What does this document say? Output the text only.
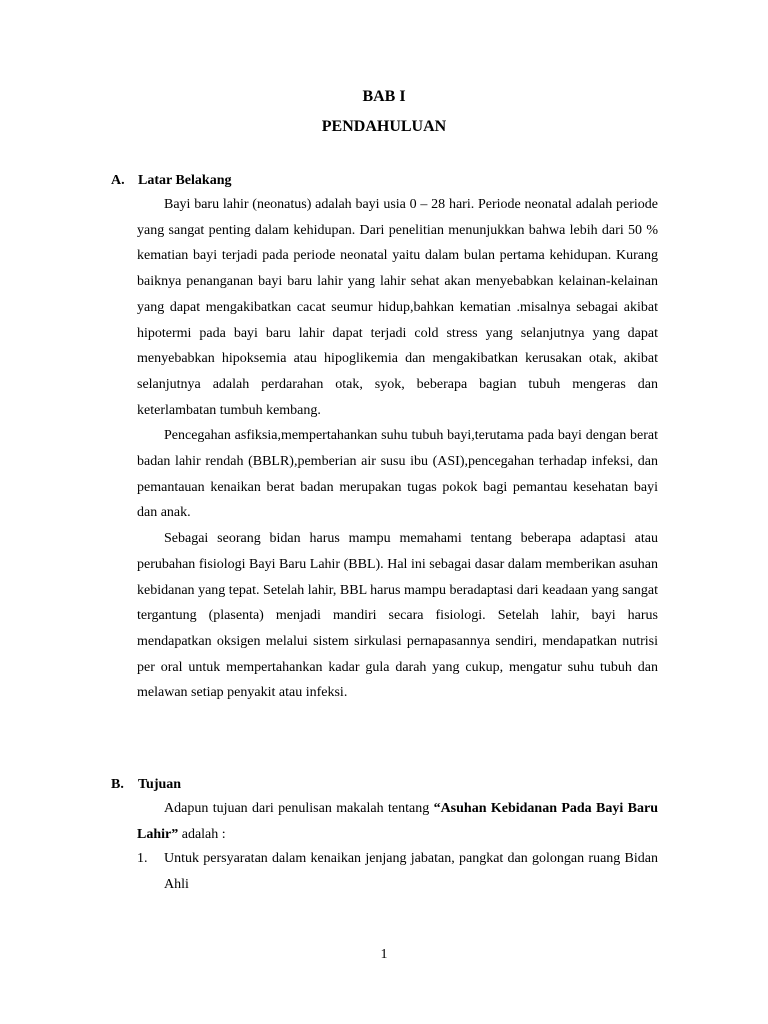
BAB I
PENDAHULUAN
A. Latar Belakang

Bayi baru lahir (neonatus) adalah bayi usia 0 – 28 hari. Periode neonatal adalah periode yang sangat penting dalam kehidupan. Dari penelitian menunjukkan bahwa lebih dari 50 % kematian bayi terjadi pada periode neonatal yaitu dalam bulan pertama kehidupan. Kurang baiknya penanganan bayi baru lahir yang lahir sehat akan menyebabkan kelainan-kelainan yang dapat mengakibatkan cacat seumur hidup,bahkan kematian .misalnya sebagai akibat hipotermi pada bayi baru lahir dapat terjadi cold stress yang selanjutnya yang dapat menyebabkan hipoksemia atau hipoglikemia dan mengakibatkan kerusakan otak, akibat selanjutnya adalah perdarahan otak, syok, beberapa bagian tubuh mengeras dan keterlambatan tumbuh kembang.

Pencegahan asfiksia,mempertahankan suhu tubuh bayi,terutama pada bayi dengan berat badan lahir rendah (BBLR),pemberian air susu ibu (ASI),pencegahan terhadap infeksi, dan pemantauan kenaikan berat badan merupakan tugas pokok bagi pemantau kesehatan bayi dan anak.

Sebagai seorang bidan harus mampu memahami tentang beberapa adaptasi atau perubahan fisiologi Bayi Baru Lahir (BBL). Hal ini sebagai dasar dalam memberikan asuhan kebidanan yang tepat. Setelah lahir, BBL harus mampu beradaptasi dari keadaan yang sangat tergantung (plasenta) menjadi mandiri secara fisiologi. Setelah lahir, bayi harus mendapatkan oksigen melalui sistem sirkulasi pernapasannya sendiri, mendapatkan nutrisi per oral untuk mempertahankan kadar gula darah yang cukup, mengatur suhu tubuh dan melawan setiap penyakit atau infeksi.

B. Tujuan

Adapun tujuan dari penulisan makalah tentang “Asuhan Kebidanan Pada Bayi Baru Lahir” adalah :

1. Untuk persyaratan dalam kenaikan jenjang jabatan, pangkat dan golongan ruang Bidan Ahli
1
